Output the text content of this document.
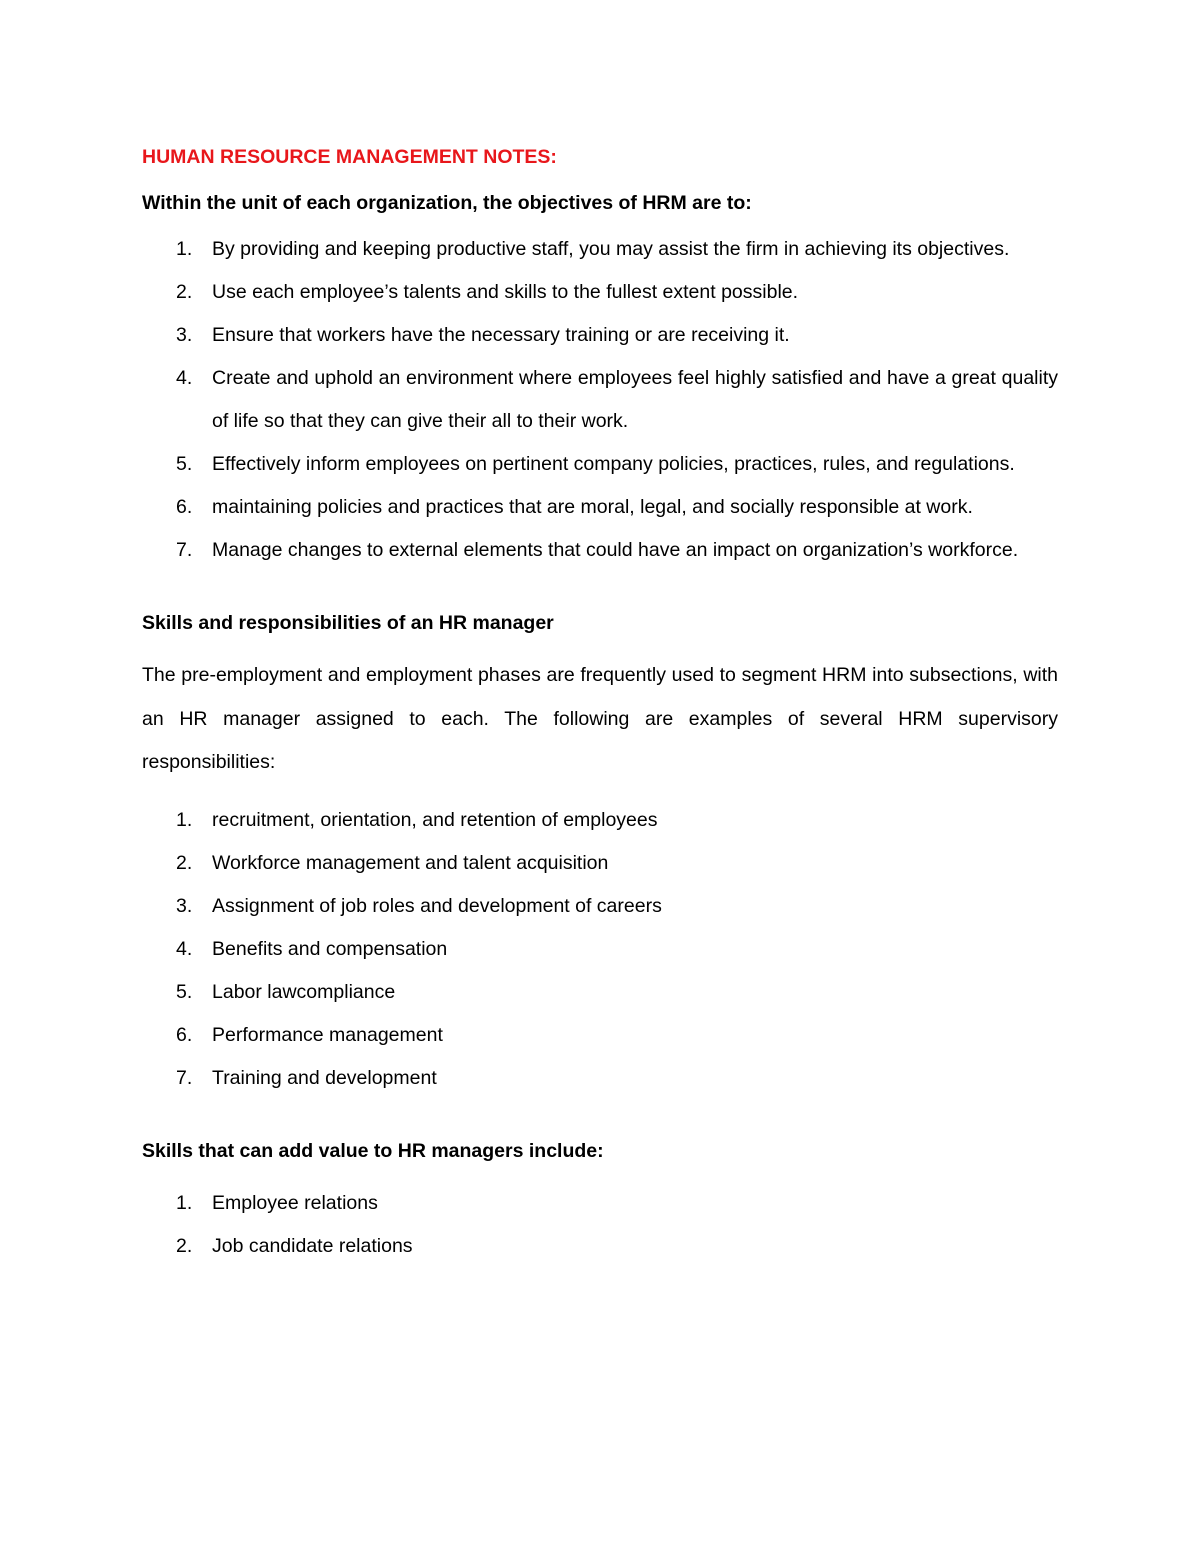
HUMAN RESOURCE MANAGEMENT NOTES:

Within the unit of each organization, the objectives of HRM are to:

1. By providing and keeping productive staff, you may assist the firm in achieving its objectives.
2. Use each employee’s talents and skills to the fullest extent possible.
3. Ensure that workers have the necessary training or are receiving it.
4. Create and uphold an environment where employees feel highly satisfied and have a great quality of life so that they can give their all to their work.
5. Effectively inform employees on pertinent company policies, practices, rules, and regulations.
6. maintaining policies and practices that are moral, legal, and socially responsible at work.
7. Manage changes to external elements that could have an impact on organization’s workforce.

Skills and responsibilities of an HR manager

The pre-employment and employment phases are frequently used to segment HRM into subsections, with an HR manager assigned to each. The following are examples of several HRM supervisory responsibilities:

1. recruitment, orientation, and retention of employees
2. Workforce management and talent acquisition
3. Assignment of job roles and development of careers
4. Benefits and compensation
5. Labor lawcompliance
6. Performance management
7. Training and development

Skills that can add value to HR managers include:

1. Employee relations
2. Job candidate relations
